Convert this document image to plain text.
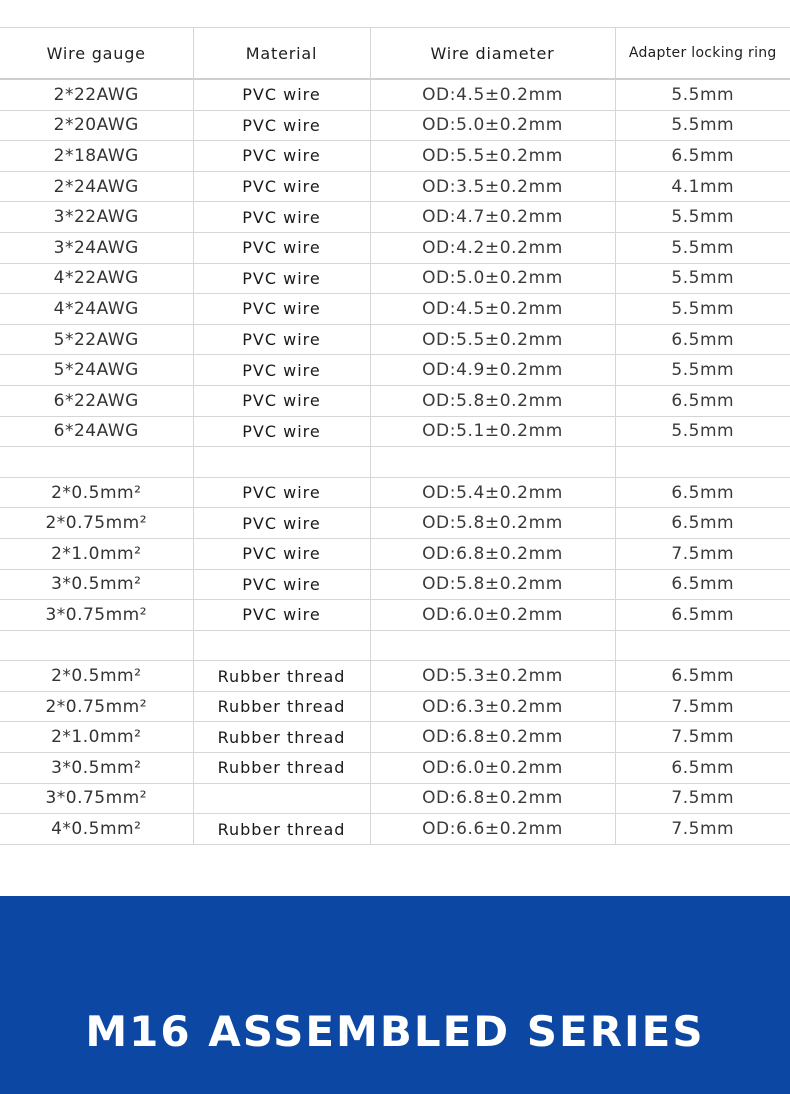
Wire gauge	Material	Wire diameter	Adapter locking ring
2*22AWG	PVC wire	OD:4.5±0.2mm	5.5mm
2*20AWG	PVC wire	OD:5.0±0.2mm	5.5mm
2*18AWG	PVC wire	OD:5.5±0.2mm	6.5mm
2*24AWG	PVC wire	OD:3.5±0.2mm	4.1mm
3*22AWG	PVC wire	OD:4.7±0.2mm	5.5mm
3*24AWG	PVC wire	OD:4.2±0.2mm	5.5mm
4*22AWG	PVC wire	OD:5.0±0.2mm	5.5mm
4*24AWG	PVC wire	OD:4.5±0.2mm	5.5mm
5*22AWG	PVC wire	OD:5.5±0.2mm	6.5mm
5*24AWG	PVC wire	OD:4.9±0.2mm	5.5mm
6*22AWG	PVC wire	OD:5.8±0.2mm	6.5mm
6*24AWG	PVC wire	OD:5.1±0.2mm	5.5mm

2*0.5mm²	PVC wire	OD:5.4±0.2mm	6.5mm
2*0.75mm²	PVC wire	OD:5.8±0.2mm	6.5mm
2*1.0mm²	PVC wire	OD:6.8±0.2mm	7.5mm
3*0.5mm²	PVC wire	OD:5.8±0.2mm	6.5mm
3*0.75mm²	PVC wire	OD:6.0±0.2mm	6.5mm

2*0.5mm²	Rubber thread	OD:5.3±0.2mm	6.5mm
2*0.75mm²	Rubber thread	OD:6.3±0.2mm	7.5mm
2*1.0mm²	Rubber thread	OD:6.8±0.2mm	7.5mm
3*0.5mm²	Rubber thread	OD:6.0±0.2mm	6.5mm
3*0.75mm²		OD:6.8±0.2mm	7.5mm
4*0.5mm²	Rubber thread	OD:6.6±0.2mm	7.5mm
M16 ASSEMBLED SERIES
